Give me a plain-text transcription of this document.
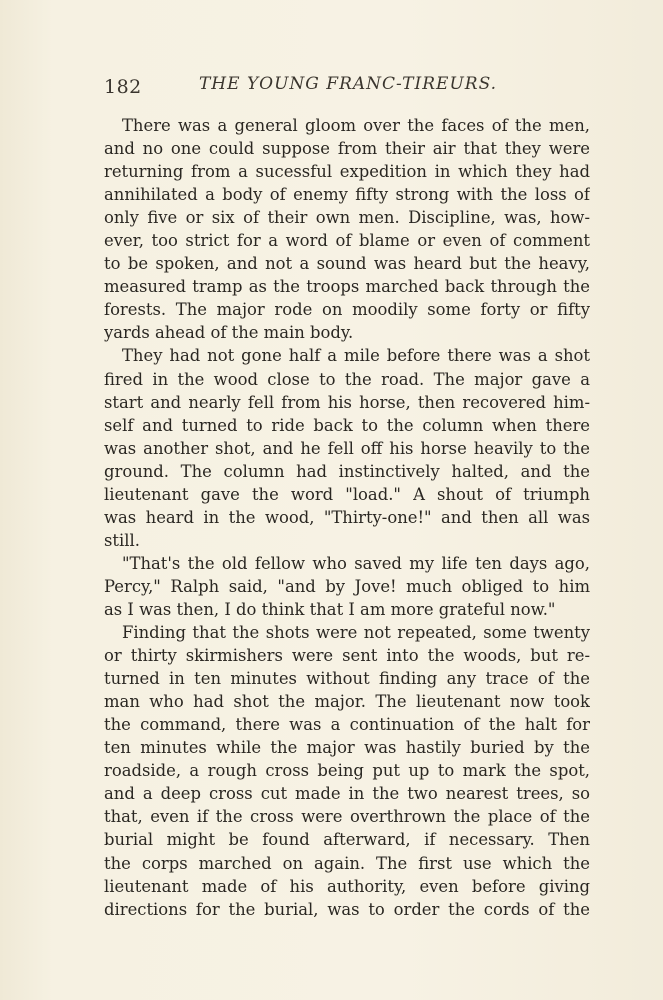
182	THE YOUNG FRANC-TIREURS.
There was a general gloom over the faces of the men,
and no one could suppose from their air that they were
returning from a sucessful expedition in which they had
annihilated a body of enemy fifty strong with the loss of
only five or six of their own men. Discipline, was, how-
ever, too strict for a word of blame or even of comment
to be spoken, and not a sound was heard but the heavy,
measured tramp as the troops marched back through the
forests. The major rode on moodily some forty or fifty
yards ahead of the main body.
They had not gone half a mile before there was a shot
fired in the wood close to the road. The major gave a
start and nearly fell from his horse, then recovered him-
self and turned to ride back to the column when there
was another shot, and he fell off his horse heavily to the
ground. The column had instinctively halted, and the
lieutenant gave the word "load." A shout of triumph
was heard in the wood, "Thirty-one!" and then all was
still.
"That's the old fellow who saved my life ten days ago,
Percy," Ralph said, "and by Jove! much obliged to him
as I was then, I do think that I am more grateful now."
Finding that the shots were not repeated, some twenty
or thirty skirmishers were sent into the woods, but re-
turned in ten minutes without finding any trace of the
man who had shot the major. The lieutenant now took
the command, there was a continuation of the halt for
ten minutes while the major was hastily buried by the
roadside, a rough cross being put up to mark the spot,
and a deep cross cut made in the two nearest trees, so
that, even if the cross were overthrown the place of the
burial might be found afterward, if necessary. Then
the corps marched on again. The first use which the
lieutenant made of his authority, even before giving
directions for the burial, was to order the cords of the
